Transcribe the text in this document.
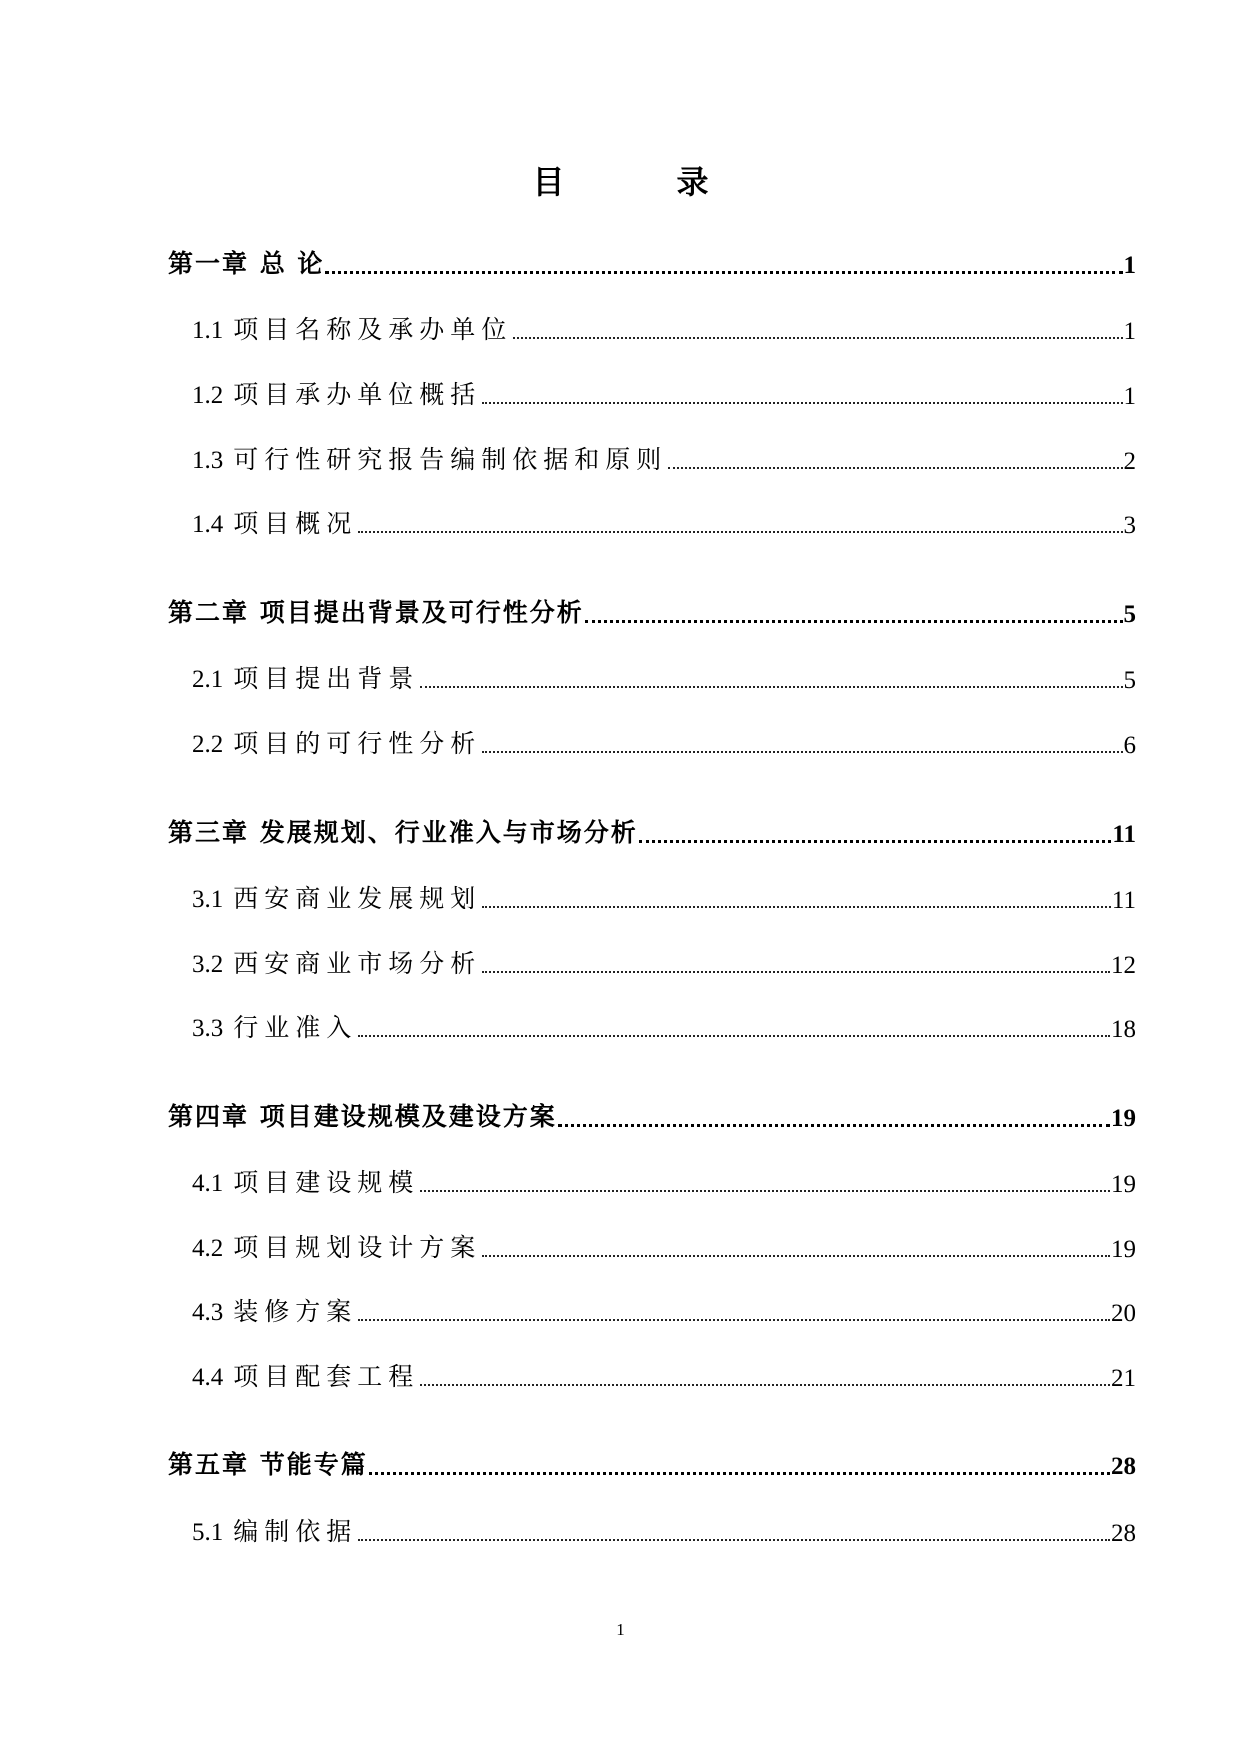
目　录
第一章 总 论	1
1.1 项目名称及承办单位	1
1.2 项目承办单位概括	1
1.3 可行性研究报告编制依据和原则	2
1.4 项目概况	3
第二章 项目提出背景及可行性分析	5
2.1 项目提出背景	5
2.2 项目的可行性分析	6
第三章 发展规划、行业准入与市场分析	11
3.1 西安商业发展规划	11
3.2 西安商业市场分析	12
3.3 行业准入	18
第四章 项目建设规模及建设方案	19
4.1 项目建设规模	19
4.2 项目规划设计方案	19
4.3 装修方案	20
4.4 项目配套工程	21
第五章 节能专篇	28
5.1 编制依据	28
1
